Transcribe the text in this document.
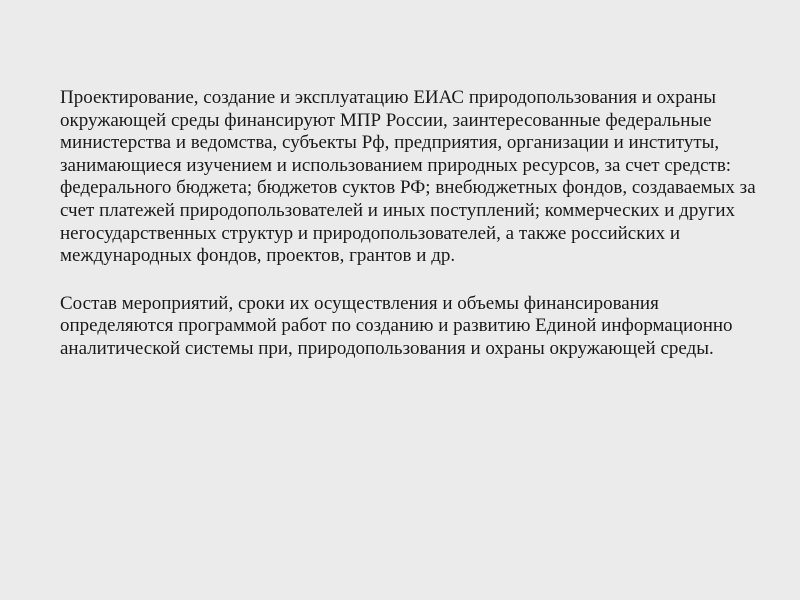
Проектирование, создание и эксплуатацию ЕИАС природопользования и охраны окружающей среды финансируют МПР России, заинтересованные федеральные министерства и ведомства, субъекты Рф, предприятия, организации и институты, занимающиеся изучением и использованием природных ресурсов, за счет средств: федерального бюджета; бюджетов суктов РФ; внебюджетных фондов, создаваемых за счет платежей природопользователей и иных поступлений; коммерческих и других негосударственных структур и природопользователей, а также российских и международных фондов, проектов, грантов и др.

Состав мероприятий, сроки их осуществления и объемы финансирования определяются программой работ по созданию и развитию Единой информационно аналитической системы при, природопользования и охраны окружающей среды.
